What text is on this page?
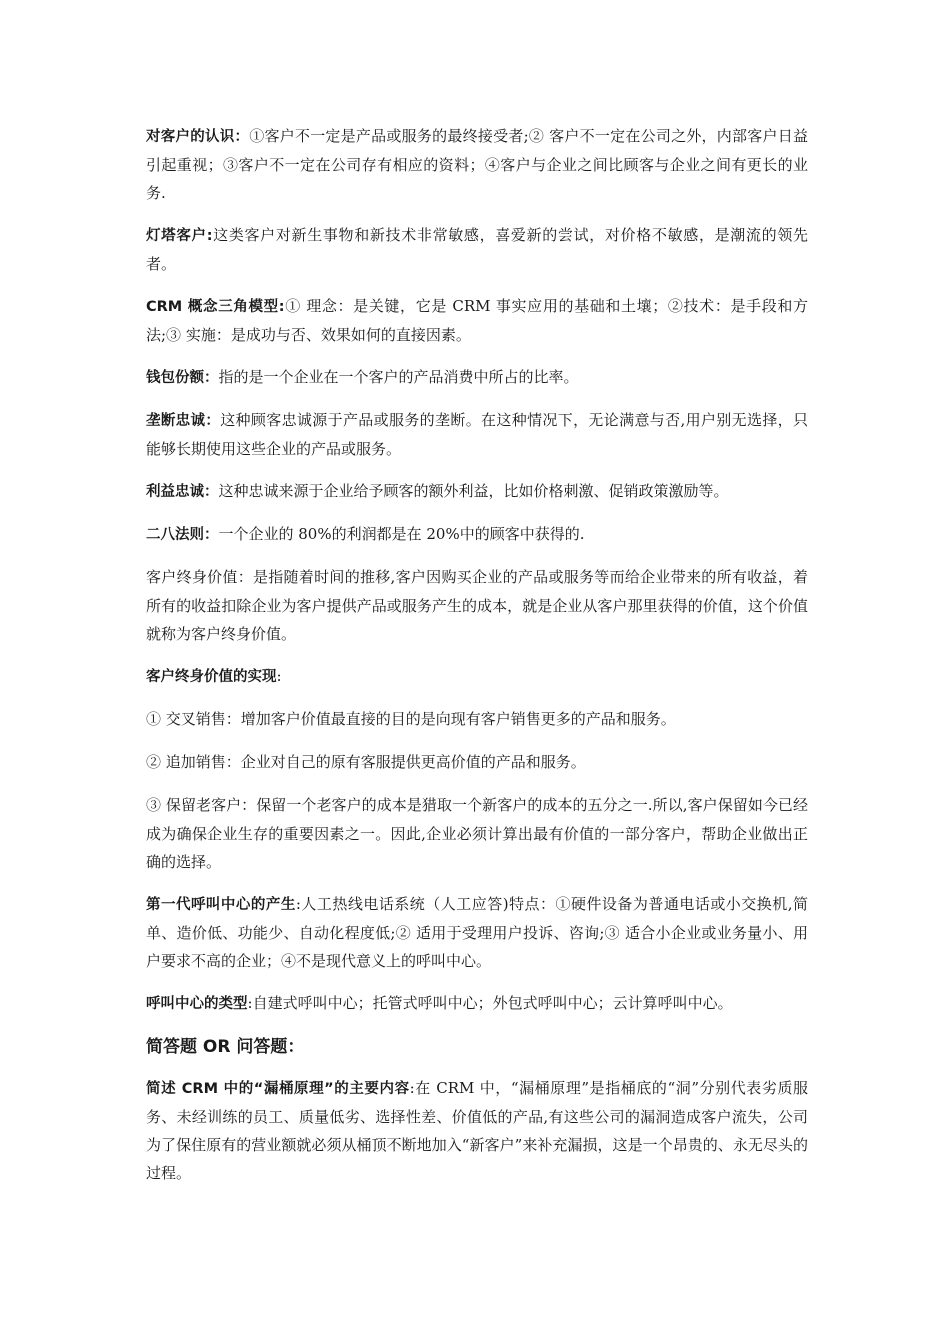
对客户的认识：①客户不一定是产品或服务的最终接受者;② 客户不一定在公司之外，内部客户日益引起重视；③客户不一定在公司存有相应的资料；④客户与企业之间比顾客与企业之间有更长的业务.

灯塔客户:这类客户对新生事物和新技术非常敏感，喜爱新的尝试，对价格不敏感，是潮流的领先者。

CRM 概念三角模型:① 理念：是关键，它是 CRM 事实应用的基础和土壤；②技术：是手段和方法;③ 实施：是成功与否、效果如何的直接因素。

钱包份额：指的是一个企业在一个客户的产品消费中所占的比率。

垄断忠诚：这种顾客忠诚源于产品或服务的垄断。在这种情况下，无论满意与否,用户别无选择，只能够长期使用这些企业的产品或服务。

利益忠诚：这种忠诚来源于企业给予顾客的额外利益，比如价格刺激、促销政策激励等。

二八法则：一个企业的 80%的利润都是在 20%中的顾客中获得的.

客户终身价值：是指随着时间的推移,客户因购买企业的产品或服务等而给企业带来的所有收益，着所有的收益扣除企业为客户提供产品或服务产生的成本，就是企业从客户那里获得的价值，这个价值就称为客户终身价值。

客户终身价值的实现:

① 交叉销售：增加客户价值最直接的目的是向现有客户销售更多的产品和服务。

② 追加销售：企业对自己的原有客服提供更高价值的产品和服务。

③ 保留老客户：保留一个老客户的成本是猎取一个新客户的成本的五分之一.所以,客户保留如今已经成为确保企业生存的重要因素之一。因此,企业必须计算出最有价值的一部分客户，帮助企业做出正确的选择。

第一代呼叫中心的产生:人工热线电话系统（人工应答)特点：①硬件设备为普通电话或小交换机,简单、造价低、功能少、自动化程度低;② 适用于受理用户投诉、咨询;③ 适合小企业或业务量小、用户要求不高的企业；④不是现代意义上的呼叫中心。

呼叫中心的类型:自建式呼叫中心；托管式呼叫中心；外包式呼叫中心；云计算呼叫中心。

简答题 OR 问答题：

简述 CRM 中的“漏桶原理”的主要内容:在 CRM 中，“漏桶原理”是指桶底的“洞”分别代表劣质服务、未经训练的员工、质量低劣、选择性差、价值低的产品,有这些公司的漏洞造成客户流失，公司为了保住原有的营业额就必须从桶顶不断地加入“新客户”来补充漏损，这是一个昂贵的、永无尽头的过程。
